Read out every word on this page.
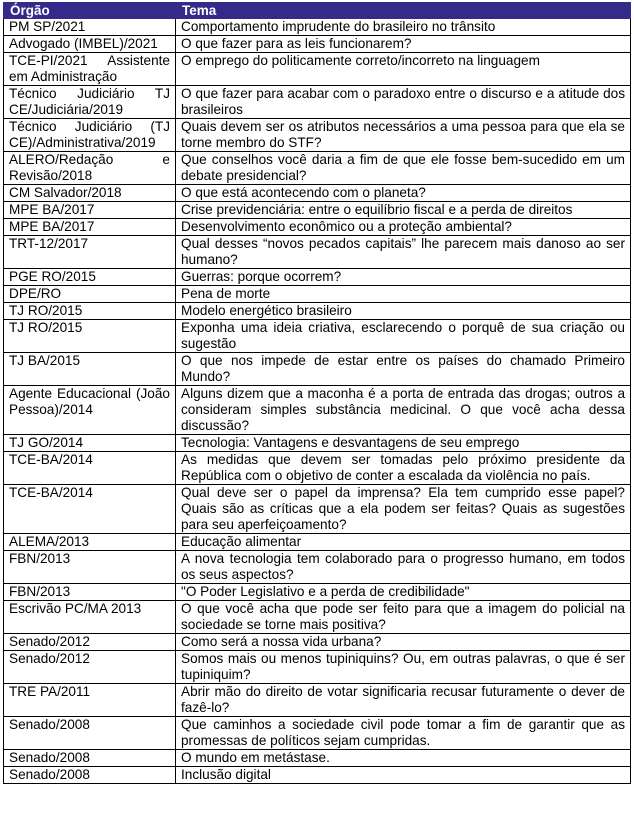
Órgão	Tema
PM SP/2021	Comportamento imprudente do brasileiro no trânsito
Advogado (IMBEL)/2021	O que fazer para as leis funcionarem?
TCE-PI/2021 Assistente em Administração	O emprego do politicamente correto/incorreto na linguagem
Técnico Judiciário TJ CE/Judiciária/2019	O que fazer para acabar com o paradoxo entre o discurso e a atitude dos brasileiros
Técnico Judiciário (TJ CE)/Administrativa/2019	Quais devem ser os atributos necessários a uma pessoa para que ela se torne membro do STF?
ALERO/Redação e Revisão/2018	Que conselhos você daria a fim de que ele fosse bem-sucedido em um debate presidencial?
CM Salvador/2018	O que está acontecendo com o planeta?
MPE BA/2017	Crise previdenciária: entre o equilíbrio fiscal e a perda de direitos
MPE BA/2017	Desenvolvimento econômico ou a proteção ambiental?
TRT-12/2017	Qual desses “novos pecados capitais” lhe parecem mais danoso ao ser humano?
PGE RO/2015	Guerras: porque ocorrem?
DPE/RO	Pena de morte
TJ RO/2015	Modelo energético brasileiro
TJ RO/2015	Exponha uma ideia criativa, esclarecendo o porquê de sua criação ou sugestão
TJ BA/2015	O que nos impede de estar entre os países do chamado Primeiro Mundo?
Agente Educacional (João Pessoa)/2014	Alguns dizem que a maconha é a porta de entrada das drogas; outros a consideram simples substância medicinal. O que você acha dessa discussão?
TJ GO/2014	Tecnologia: Vantagens e desvantagens de seu emprego
TCE-BA/2014	As medidas que devem ser tomadas pelo próximo presidente da República com o objetivo de conter a escalada da violência no país.
TCE-BA/2014	Qual deve ser o papel da imprensa? Ela tem cumprido esse papel? Quais são as críticas que a ela podem ser feitas? Quais as sugestões para seu aperfeiçoamento?
ALEMA/2013	Educação alimentar
FBN/2013	A nova tecnologia tem colaborado para o progresso humano, em todos os seus aspectos?
FBN/2013	"O Poder Legislativo e a perda de credibilidade"
Escrivão PC/MA 2013	O que você acha que pode ser feito para que a imagem do policial na sociedade se torne mais positiva?
Senado/2012	Como será a nossa vida urbana?
Senado/2012	Somos mais ou menos tupiniquins? Ou, em outras palavras, o que é ser tupiniquim?
TRE PA/2011	Abrir mão do direito de votar significaria recusar futuramente o dever de fazê-lo?
Senado/2008	Que caminhos a sociedade civil pode tomar a fim de garantir que as promessas de políticos sejam cumpridas.
Senado/2008	O mundo em metástase.
Senado/2008	Inclusão digital
